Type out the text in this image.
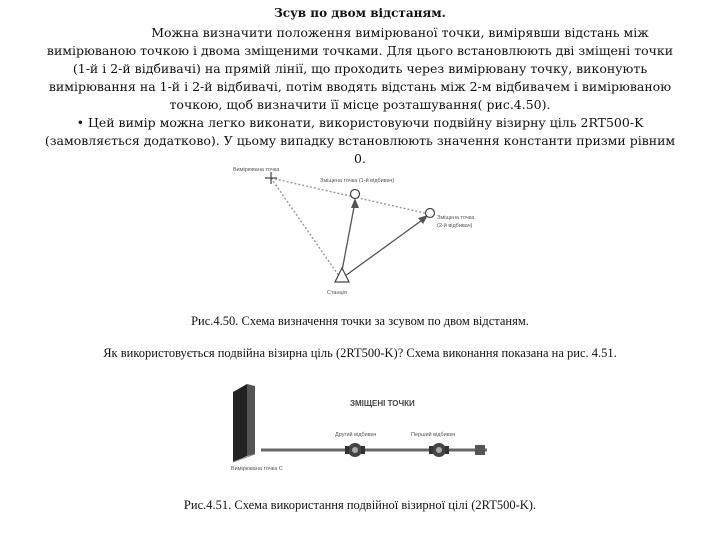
Зсув по двом відстаням.
Можна визначити положення вимірюваної точки, вимірявши відстань між вимірюваною точкою і двома зміщеними точками. Для цього встановлюють дві зміщені точки (1-й і 2-й відбивачі) на прямій лінії, що проходить через вимірювану точку, виконують вимірювання на 1-й і 2-й відбивачі, потім вводять відстань між 2-м відбивачем і вимірюваною точкою, щоб визначити її місце розташування( рис.4.50).
• Цей вимір можна легко виконати, використовуючи подвійну візирну ціль 2RT500-K (замовляється додатково). У цьому випадку встановлюють значення константи призми рівним 0.
Вимірювана точка
Зміщена точка (1-й відбивач)
Зміщена точка
(2-й відбивач)
Станція
Рис.4.50. Схема визначення точки за зсувом по двом відстаням.
Як використовується подвійна візирна ціль (2RT500-K)? Схема виконання показана на рис. 4.51.
ЗМІЩЕНІ ТОЧКИ
Другий відбивач	Перший відбивач
Вимірювана точка С
Рис.4.51. Схема використання подвійної візирної цілі (2RT500-K).
